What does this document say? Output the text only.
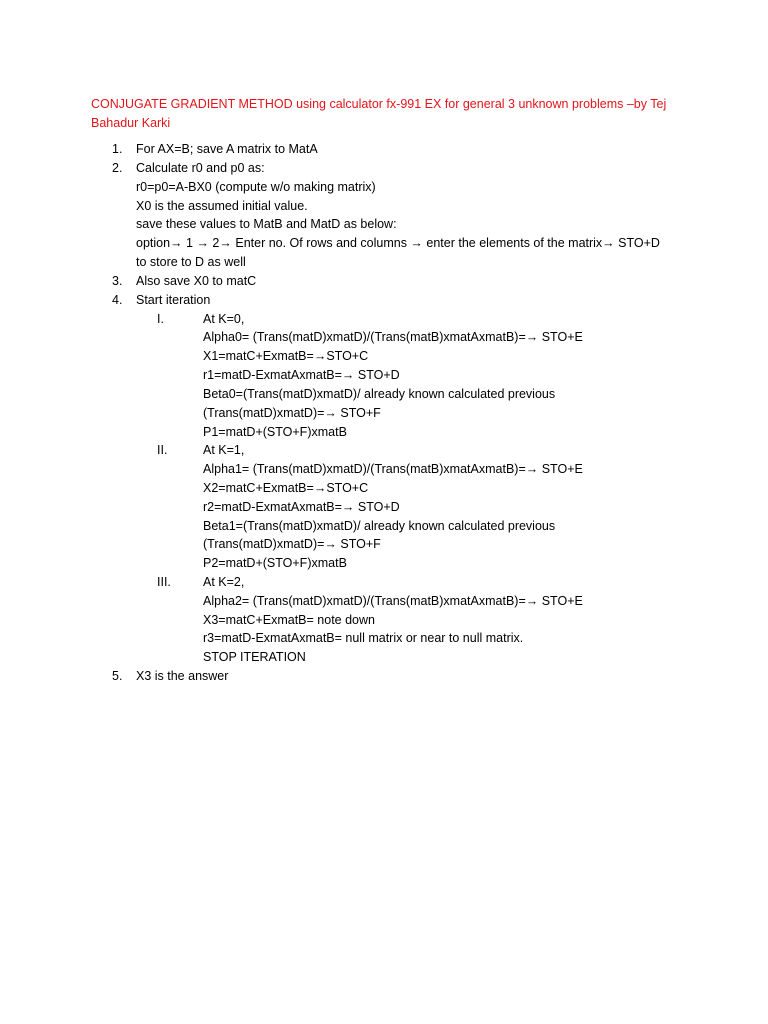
CONJUGATE GRADIENT METHOD using calculator fx-991 EX for general 3 unknown problems –by Tej Bahadur Karki
1. For AX=B; save A matrix to MatA
2. Calculate r0 and p0 as:
r0=p0=A-BX0 (compute w/o making matrix)
X0 is the assumed initial value.
save these values to MatB and MatD as below:
option→ 1 → 2→ Enter no. Of rows and columns → enter the elements of the matrix→ STO+D
to store to D as well
3. Also save X0 to matC
4. Start iteration
I.	At K=0,
Alpha0= (Trans(matD)xmatD)/(Trans(matB)xmatAxmatB)=→ STO+E
X1=matC+ExmatB=→STO+C
r1=matD-ExmatAxmatB=→ STO+D
Beta0=(Trans(matD)xmatD)/ already known calculated previous
(Trans(matD)xmatD)=→ STO+F
P1=matD+(STO+F)xmatB
II.	At K=1,
Alpha1= (Trans(matD)xmatD)/(Trans(matB)xmatAxmatB)=→ STO+E
X2=matC+ExmatB=→STO+C
r2=matD-ExmatAxmatB=→ STO+D
Beta1=(Trans(matD)xmatD)/ already known calculated previous
(Trans(matD)xmatD)=→ STO+F
P2=matD+(STO+F)xmatB
III.	At K=2,
Alpha2= (Trans(matD)xmatD)/(Trans(matB)xmatAxmatB)=→ STO+E
X3=matC+ExmatB= note down
r3=matD-ExmatAxmatB= null matrix or near to null matrix.
STOP ITERATION
5. X3 is the answer
